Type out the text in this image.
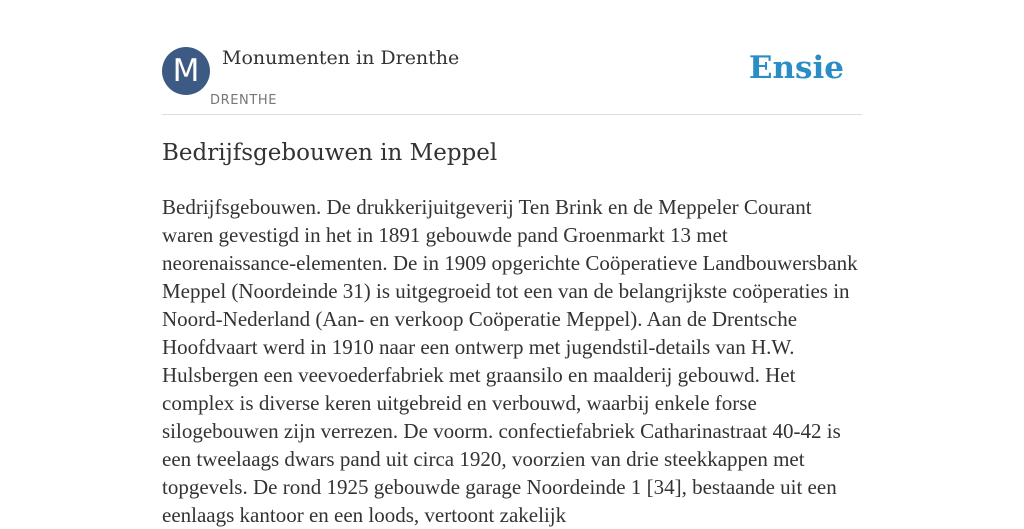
M	Monumenten in Drenthe
DRENTHE
Ensie
Bedrijfsgebouwen in Meppel

Bedrijfsgebouwen. De drukkerijuitgeverij Ten Brink en de Meppeler Courant waren gevestigd in het in 1891 gebouwde pand Groenmarkt 13 met neorenaissance-elementen. De in 1909 opgerichte Coöperatieve Landbouwersbank Meppel (Noordeinde 31) is uitgegroeid tot een van de belangrijkste coöperaties in Noord-Nederland (Aan- en verkoop Coöperatie Meppel). Aan de Drentsche Hoofdvaart werd in 1910 naar een ontwerp met jugendstil-details van H.W. Hulsbergen een veevoederfabriek met graansilo en maalderij gebouwd. Het complex is diverse keren uitgebreid en verbouwd, waarbij enkele forse silogebouwen zijn verrezen. De voorm. confectiefabriek Catharinastraat 40-42 is een tweelaags dwars pand uit circa 1920, voorzien van drie steekkappen met topgevels. De rond 1925 gebouwde garage Noordeinde 1 [34], bestaande uit een eenlaags kantoor en een loods, vertoont zakelijk
